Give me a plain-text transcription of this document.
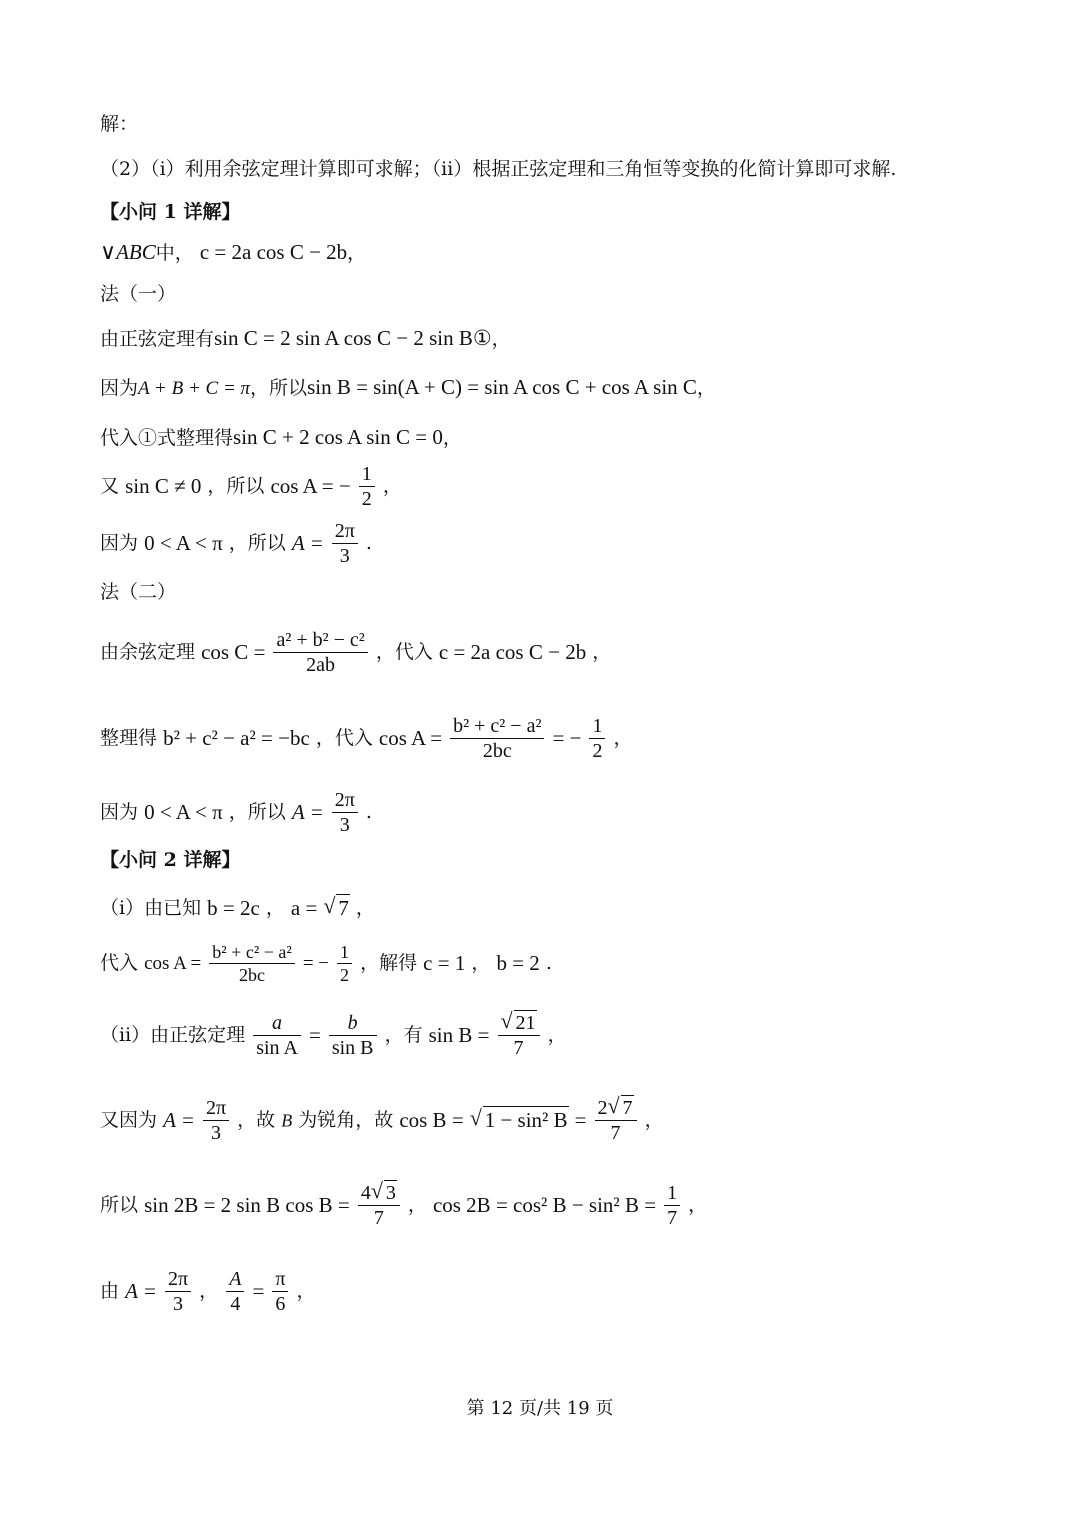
解：
（2）（ⅰ）利用余弦定理计算即可求解；（ⅱ）根据正弦定理和三角恒等变换的化简计算即可求解.
【小问 1 详解】
∨ABC中， c = 2a cos C − 2b，
法（一）
由正弦定理有sin C = 2 sin A cos C − 2 sin B①，
因为A + B + C = π，所以sin B = sin(A + C) = sin A cos C + cos A sin C，
代入①式整理得sin C + 2 cos A sin C = 0，
又 sin C ≠ 0 ，所以 cos A = − $\frac{1}{2}$ ，
因为 0 < A < π ，所以 $A = \frac{2\pi}{3}$ .
法（二）
由余弦定理 $\cos C = \frac{\text{a² + b² − c²}}{2ab}$ ，代入 c = 2a cos C − 2b ，
整理得 b² + c² − a² = −bc ，代入 $\cos A = \frac{\text{b² + c² − a²}}{2bc}$ = − $\frac{1}{2}$ ，
因为 0 < A < π ，所以 $A = \frac{2\pi}{3}$ .
【小问 2 详解】
（ⅰ）由已知 b = 2c ， a = √ 7 ，
代入 $\cos A = \frac{\text{b² + c² − a²}}{2bc}$ = − $\frac{1}{2}$ ，解得 c = 1 ， b = 2 .
（ⅱ）由正弦定理 $\frac{a}{\text{sin A}} = \frac{b}{\text{sin B}}$ ，有 sin B = √ $\frac{21}{7}$ ，
又因为 $A = \frac{2\pi}{3}$ ，故 B 为锐角，故 cos B = √ 1 − sin² $B = \frac{2 √ 7}{7}$ ，
所以 sin 2B = 2 sin B $\cos B = \frac{4 √ 3}{7}$ ， cos 2B = cos² B − sin² $B = \frac{1}{7}$ ，
由 $A = \frac{2\pi}{3}$ ， $\frac{A}{4} = \frac{\pi}{6}$ ，
第 12 页/共 19 页
